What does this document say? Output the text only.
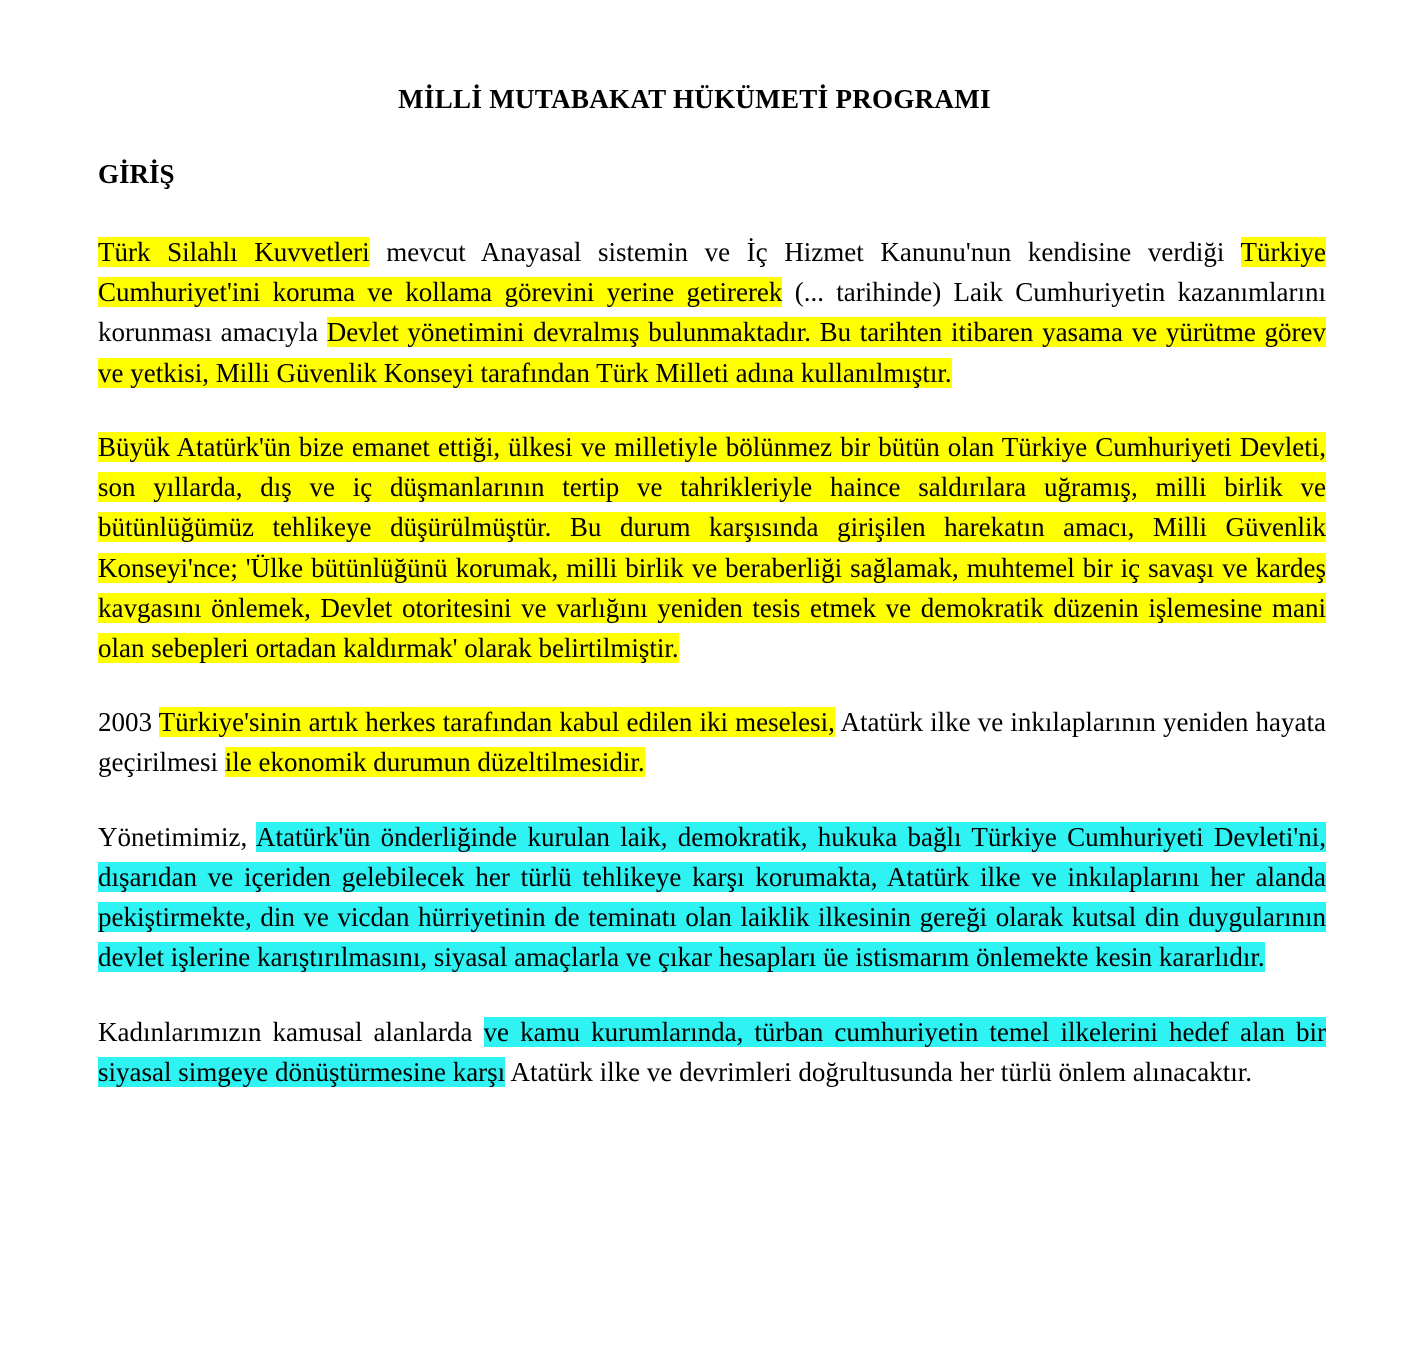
MİLLİ MUTABAKAT HÜKÜMETİ PROGRAMI
GİRİŞ

Türk Silahlı Kuvvetleri mevcut Anayasal sistemin ve İç Hizmet Kanunu'nun kendisine verdiği Türkiye Cumhuriyet'ini koruma ve kollama görevini yerine getirerek (... tarihinde) Laik Cumhuriyetin kazanımlarını korunması amacıyla Devlet yönetimini devralmış bulunmaktadır. Bu tarihten itibaren yasama ve yürütme görev ve yetkisi, Milli Güvenlik Konseyi tarafından Türk Milleti adına kullanılmıştır.

Büyük Atatürk'ün bize emanet ettiği, ülkesi ve milletiyle bölünmez bir bütün olan Türkiye Cumhuriyeti Devleti, son yıllarda, dış ve iç düşmanlarının tertip ve tahrikleriyle haince saldırılara uğramış, milli birlik ve bütünlüğümüz tehlikeye düşürülmüştür. Bu durum karşısında girişilen harekatın amacı, Milli Güvenlik Konseyi'nce; 'Ülke bütünlüğünü korumak, milli birlik ve beraberliği sağlamak, muhtemel bir iç savaşı ve kardeş kavgasını önlemek, Devlet otoritesini ve varlığını yeniden tesis etmek ve demokratik düzenin işlemesine mani olan sebepleri ortadan kaldırmak' olarak belirtilmiştir.

2003 Türkiye'sinin artık herkes tarafından kabul edilen iki meselesi, Atatürk ilke ve inkılaplarının yeniden hayata geçirilmesi ile ekonomik durumun düzeltilmesidir.

Yönetimimiz, Atatürk'ün önderliğinde kurulan laik, demokratik, hukuka bağlı Türkiye Cumhuriyeti Devleti'ni, dışarıdan ve içeriden gelebilecek her türlü tehlikeye karşı korumakta, Atatürk ilke ve inkılaplarını her alanda pekiştirmekte, din ve vicdan hürriyetinin de teminatı olan laiklik ilkesinin gereği olarak kutsal din duygularının devlet işlerine karıştırılmasını, siyasal amaçlarla ve çıkar hesapları üe istismarım önlemekte kesin kararlıdır.

Kadınlarımızın kamusal alanlarda ve kamu kurumlarında, türban cumhuriyetin temel ilkelerini hedef alan bir siyasal simgeye dönüştürmesine karşı Atatürk ilke ve devrimleri doğrultusunda her türlü önlem alınacaktır.
